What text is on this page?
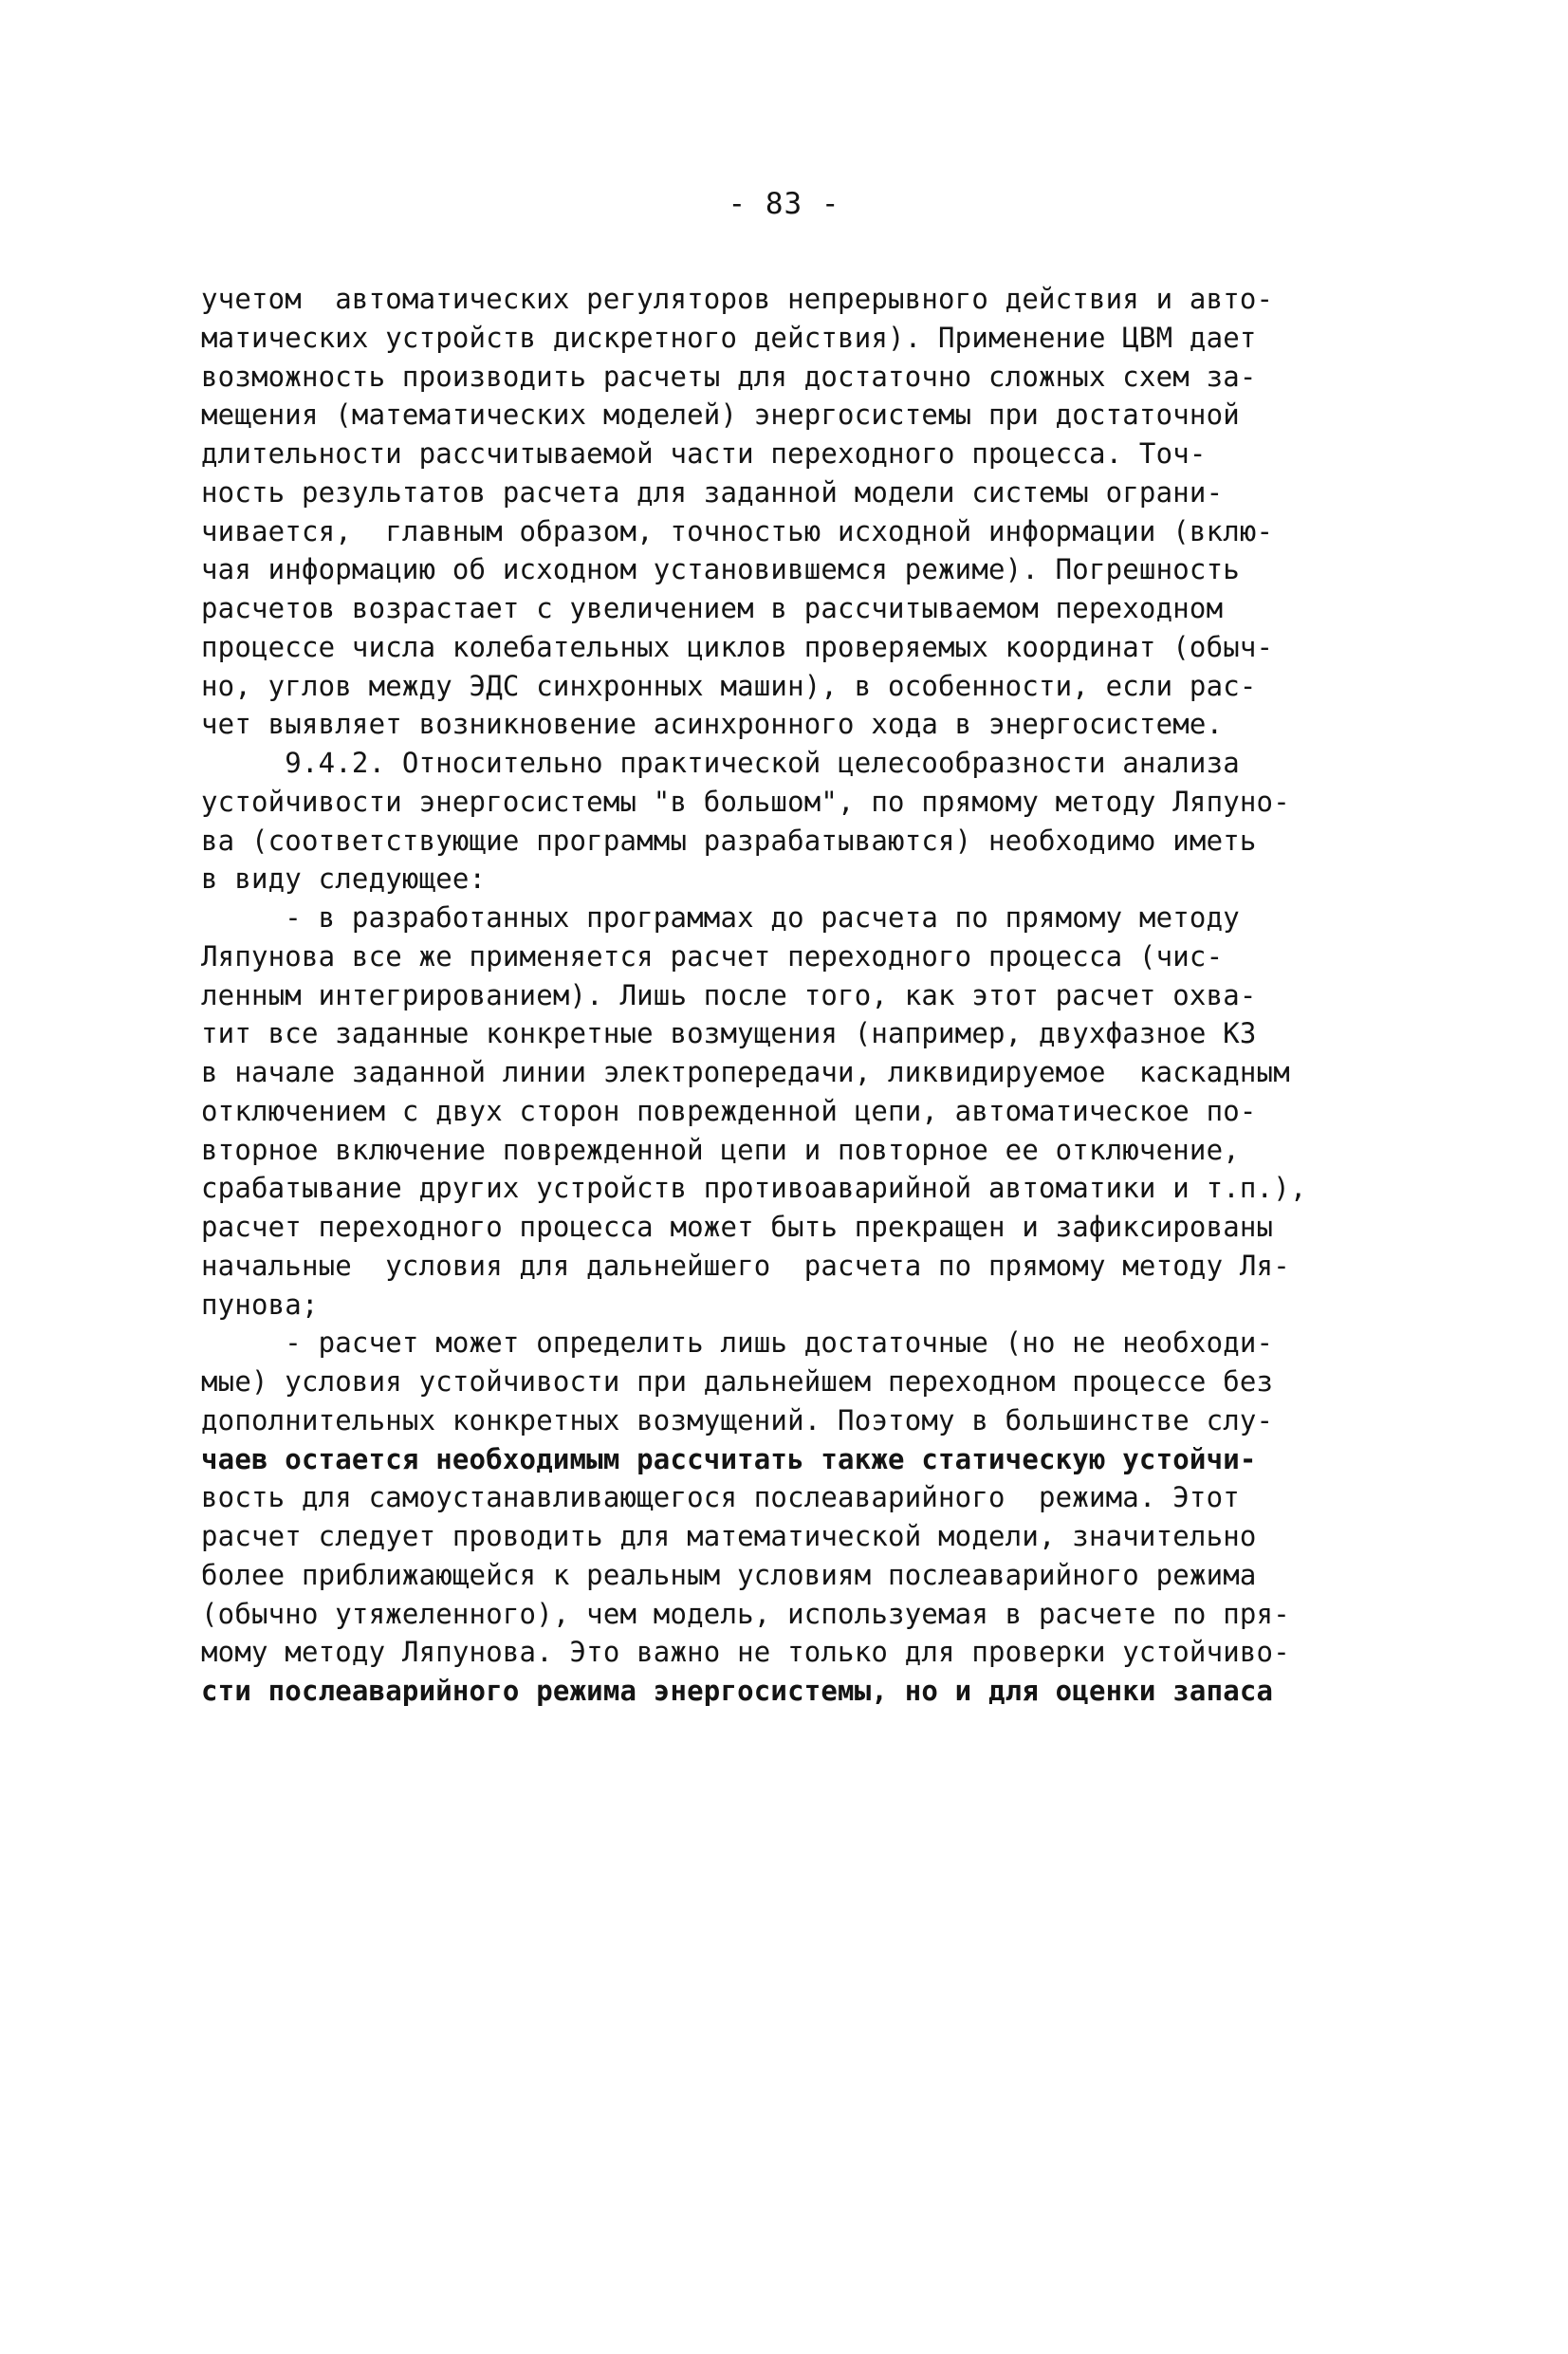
- 83 -
учетом  автоматических регуляторов непрерывного действия и авто-
матических устройств дискретного действия). Применение ЦВМ дает
возможность производить расчеты для достаточно сложных схем за-
мещения (математических моделей) энергосистемы при достаточной
длительности рассчитываемой части переходного процесса. Точ-
ность результатов расчета для заданной модели системы ограни-
чивается,  главным образом, точностью исходной информации (вклю-
чая информацию об исходном установившемся режиме). Погрешность
расчетов возрастает с увеличением в рассчитываемом переходном
процессе числа колебательных циклов проверяемых координат (обыч-
но, углов между ЭДС синхронных машин), в особенности, если рас-
чет выявляет возникновение асинхронного хода в энергосистеме.
9.4.2. Относительно практической целесообразности анализа
устойчивости энергосистемы "в большом", по прямому методу Ляпуно-
ва (соответствующие программы разрабатываются) необходимо иметь
в виду следующее:
- в разработанных программах до расчета по прямому методу
Ляпунова все же применяется расчет переходного процесса (чис-
ленным интегрированием). Лишь после того, как этот расчет охва-
тит все заданные конкретные возмущения (например, двухфазное КЗ
в начале заданной линии электропередачи, ликвидируемое  каскадным
отключением с двух сторон поврежденной цепи, автоматическое по-
вторное включение поврежденной цепи и повторное ее отключение,
срабатывание других устройств противоаварийной автоматики и т.п.),
расчет переходного процесса может быть прекращен и зафиксированы
начальные  условия для дальнейшего  расчета по прямому методу Ля-
пунова;
- расчет может определить лишь достаточные (но не необходи-
мые) условия устойчивости при дальнейшем переходном процессе без
дополнительных конкретных возмущений. Поэтому в большинстве слу-
чаев остается необходимым рассчитать также статическую устойчи-
вость для самоустанавливающегося послеаварийного  режима. Этот
расчет следует проводить для математической модели, значительно
более приближающейся к реальным условиям послеаварийного режима
(обычно утяжеленного), чем модель, используемая в расчете по пря-
мому методу Ляпунова. Это важно не только для проверки устойчиво-
сти послеаварийного режима энергосистемы, но и для оценки запаса
